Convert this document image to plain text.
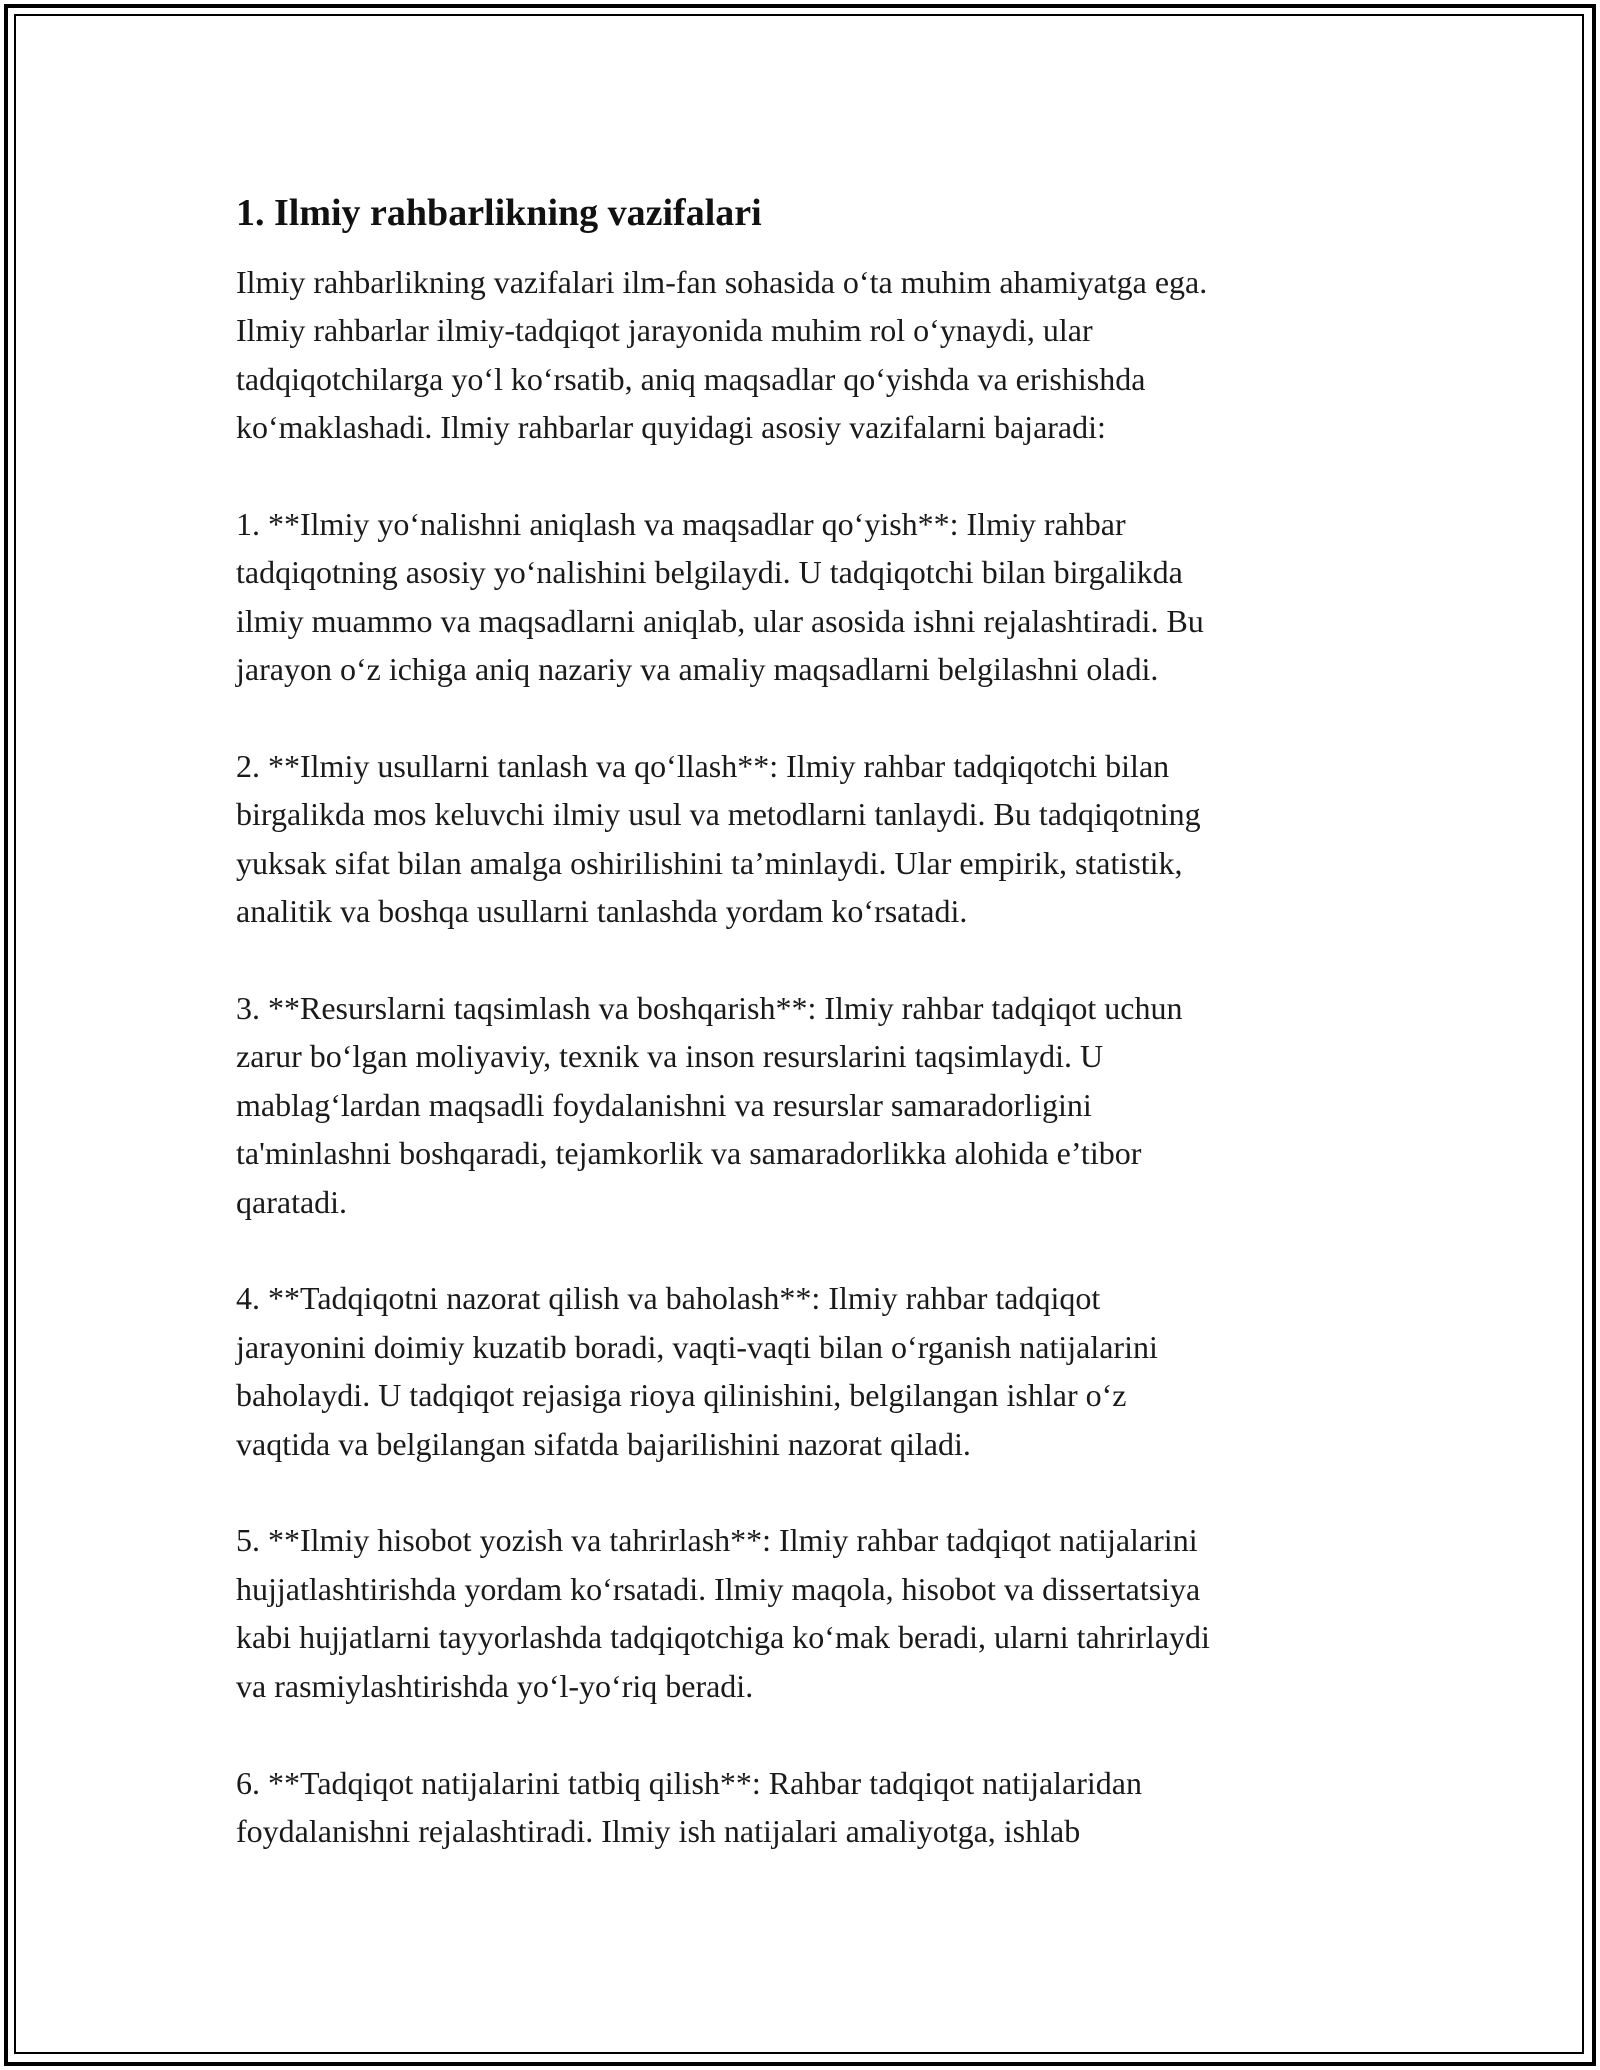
1. Ilmiy rahbarlikning vazifalari

Ilmiy rahbarlikning vazifalari ilm-fan sohasida o‘ta muhim ahamiyatga ega.
Ilmiy rahbarlar ilmiy-tadqiqot jarayonida muhim rol o‘ynaydi, ular
tadqiqotchilarga yo‘l ko‘rsatib, aniq maqsadlar qo‘yishda va erishishda
ko‘maklashadi. Ilmiy rahbarlar quyidagi asosiy vazifalarni bajaradi:

1. **Ilmiy yo‘nalishni aniqlash va maqsadlar qo‘yish**: Ilmiy rahbar
tadqiqotning asosiy yo‘nalishini belgilaydi. U tadqiqotchi bilan birgalikda
ilmiy muammo va maqsadlarni aniqlab, ular asosida ishni rejalashtiradi. Bu
jarayon o‘z ichiga aniq nazariy va amaliy maqsadlarni belgilashni oladi.

2. **Ilmiy usullarni tanlash va qo‘llash**: Ilmiy rahbar tadqiqotchi bilan
birgalikda mos keluvchi ilmiy usul va metodlarni tanlaydi. Bu tadqiqotning
yuksak sifat bilan amalga oshirilishini ta’minlaydi. Ular empirik, statistik,
analitik va boshqa usullarni tanlashda yordam ko‘rsatadi.

3. **Resurslarni taqsimlash va boshqarish**: Ilmiy rahbar tadqiqot uchun
zarur bo‘lgan moliyaviy, texnik va inson resurslarini taqsimlaydi. U
mablag‘lardan maqsadli foydalanishni va resurslar samaradorligini
ta'minlashni boshqaradi, tejamkorlik va samaradorlikka alohida e’tibor
qaratadi.

4. **Tadqiqotni nazorat qilish va baholash**: Ilmiy rahbar tadqiqot
jarayonini doimiy kuzatib boradi, vaqti-vaqti bilan o‘rganish natijalarini
baholaydi. U tadqiqot rejasiga rioya qilinishini, belgilangan ishlar o‘z
vaqtida va belgilangan sifatda bajarilishini nazorat qiladi.

5. **Ilmiy hisobot yozish va tahrirlash**: Ilmiy rahbar tadqiqot natijalarini
hujjatlashtirishda yordam ko‘rsatadi. Ilmiy maqola, hisobot va dissertatsiya
kabi hujjatlarni tayyorlashda tadqiqotchiga ko‘mak beradi, ularni tahrirlaydi
va rasmiylashtirishda yo‘l-yo‘riq beradi.

6. **Tadqiqot natijalarini tatbiq qilish**: Rahbar tadqiqot natijalaridan
foydalanishni rejalashtiradi. Ilmiy ish natijalari amaliyotga, ishlab
